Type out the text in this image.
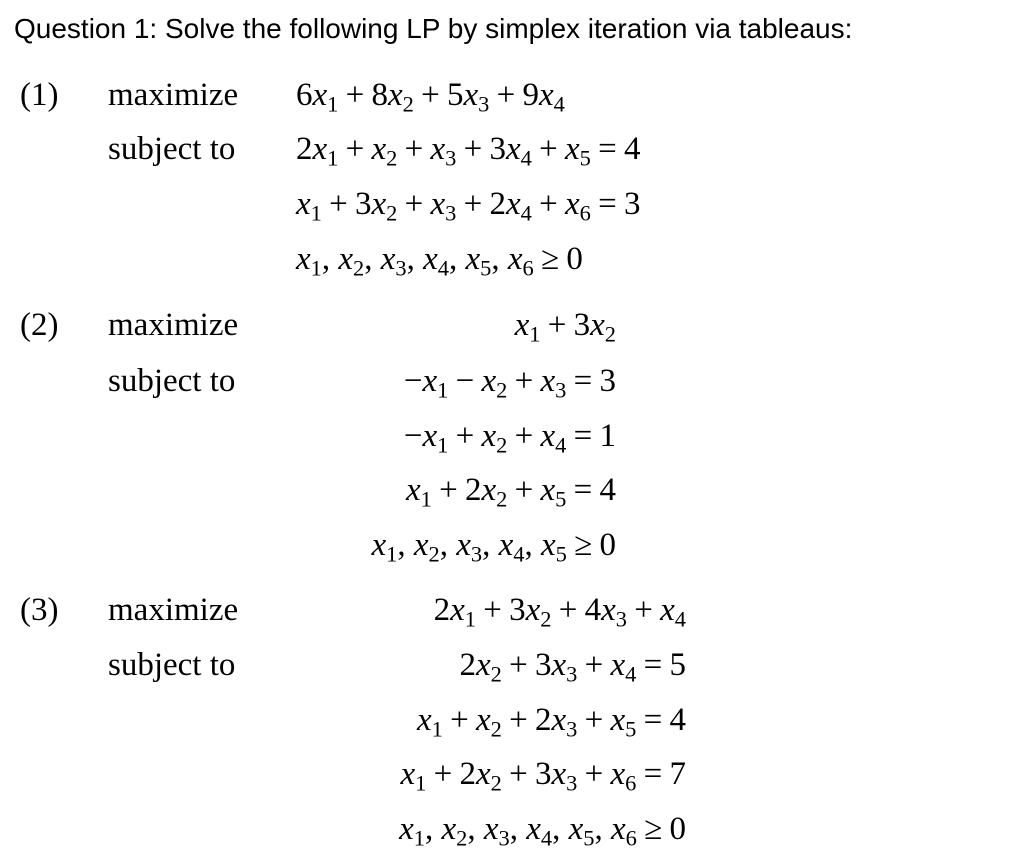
Question 1: Solve the following LP by simplex iteration via tableaus:
(1) maximize
subject to
$6x_1 + 8x_2 + 5x_3 + 9x_4$
$2x_1 + x_2 + x_3 + 3x_4 + x_5 = 4$
$x_1 + 3x_2 + x_3 + 2x_4 + x_6 = 3$
$x_1$, $x_2$, $x_3$, $x_4$, $x_5$, $x_6 \ge 0$
(2) maximize
subject to
$x_1 + 3x_2$
$-x_1 - x_2 + x_3 = 3$
$-x_1 + x_2 + x_4 = 1$
$x_1 + 2x_2 + x_5 = 4$
$x_1$, $x_2$, $x_3$, $x_4$, $x_5 \ge 0$
(3) maximize
subject to
$2x_1 + 3x_2 + 4x_3 + x_4$
$2x_2 + 3x_3 + x_4 = 5$
$x_1 + x_2 + 2x_3 + x_5 = 4$
$x_1 + 2x_2 + 3x_3 + x_6 = 7$
$x_1$, $x_2$, $x_3$, $x_4$, $x_5$, $x_6 \ge 0$
